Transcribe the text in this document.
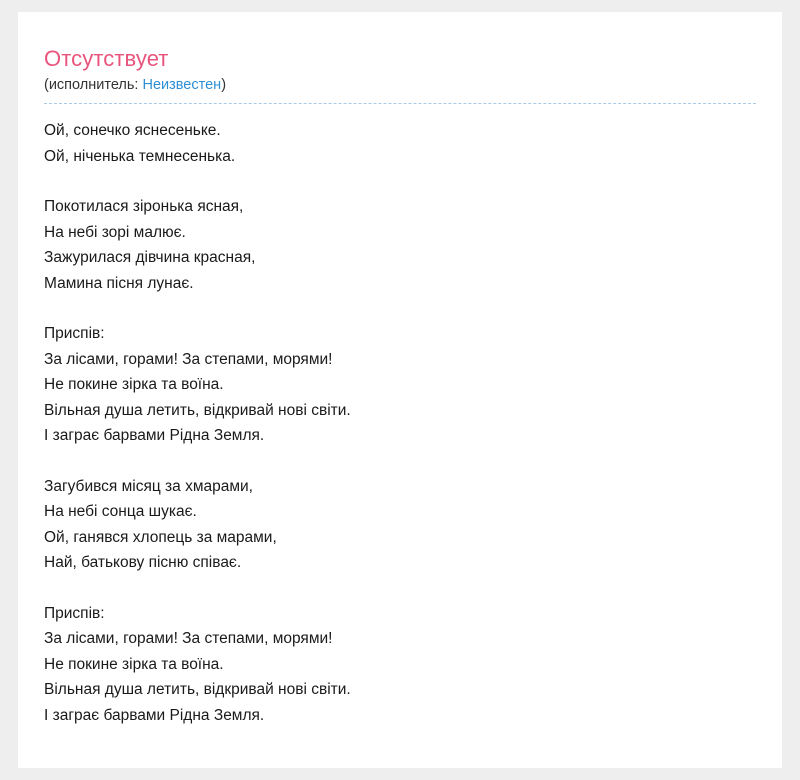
Отсутствует
(исполнитель: Неизвестен)
Ой, сонечко яснесеньке.
Ой, ніченька темнесенька.
Покотилася зіронька ясная,
На небі зорі малює.
Зажурилася дівчина красная,
Мамина пісня лунає.
Приспів:
За лісами, горами! За степами, морями!
Не покине зірка та воїна.
Вільная душа летить, відкривай нові світи.
І заграє барвами Рідна Земля.
Загубився місяц за хмарами,
На небі сонца шукає.
Ой, ганявся хлопець за марами,
Най, батькову пісню співає.
Приспів:
За лісами, горами! За степами, морями!
Не покине зірка та воїна.
Вільная душа летить, відкривай нові світи.
І заграє барвами Рідна Земля.
